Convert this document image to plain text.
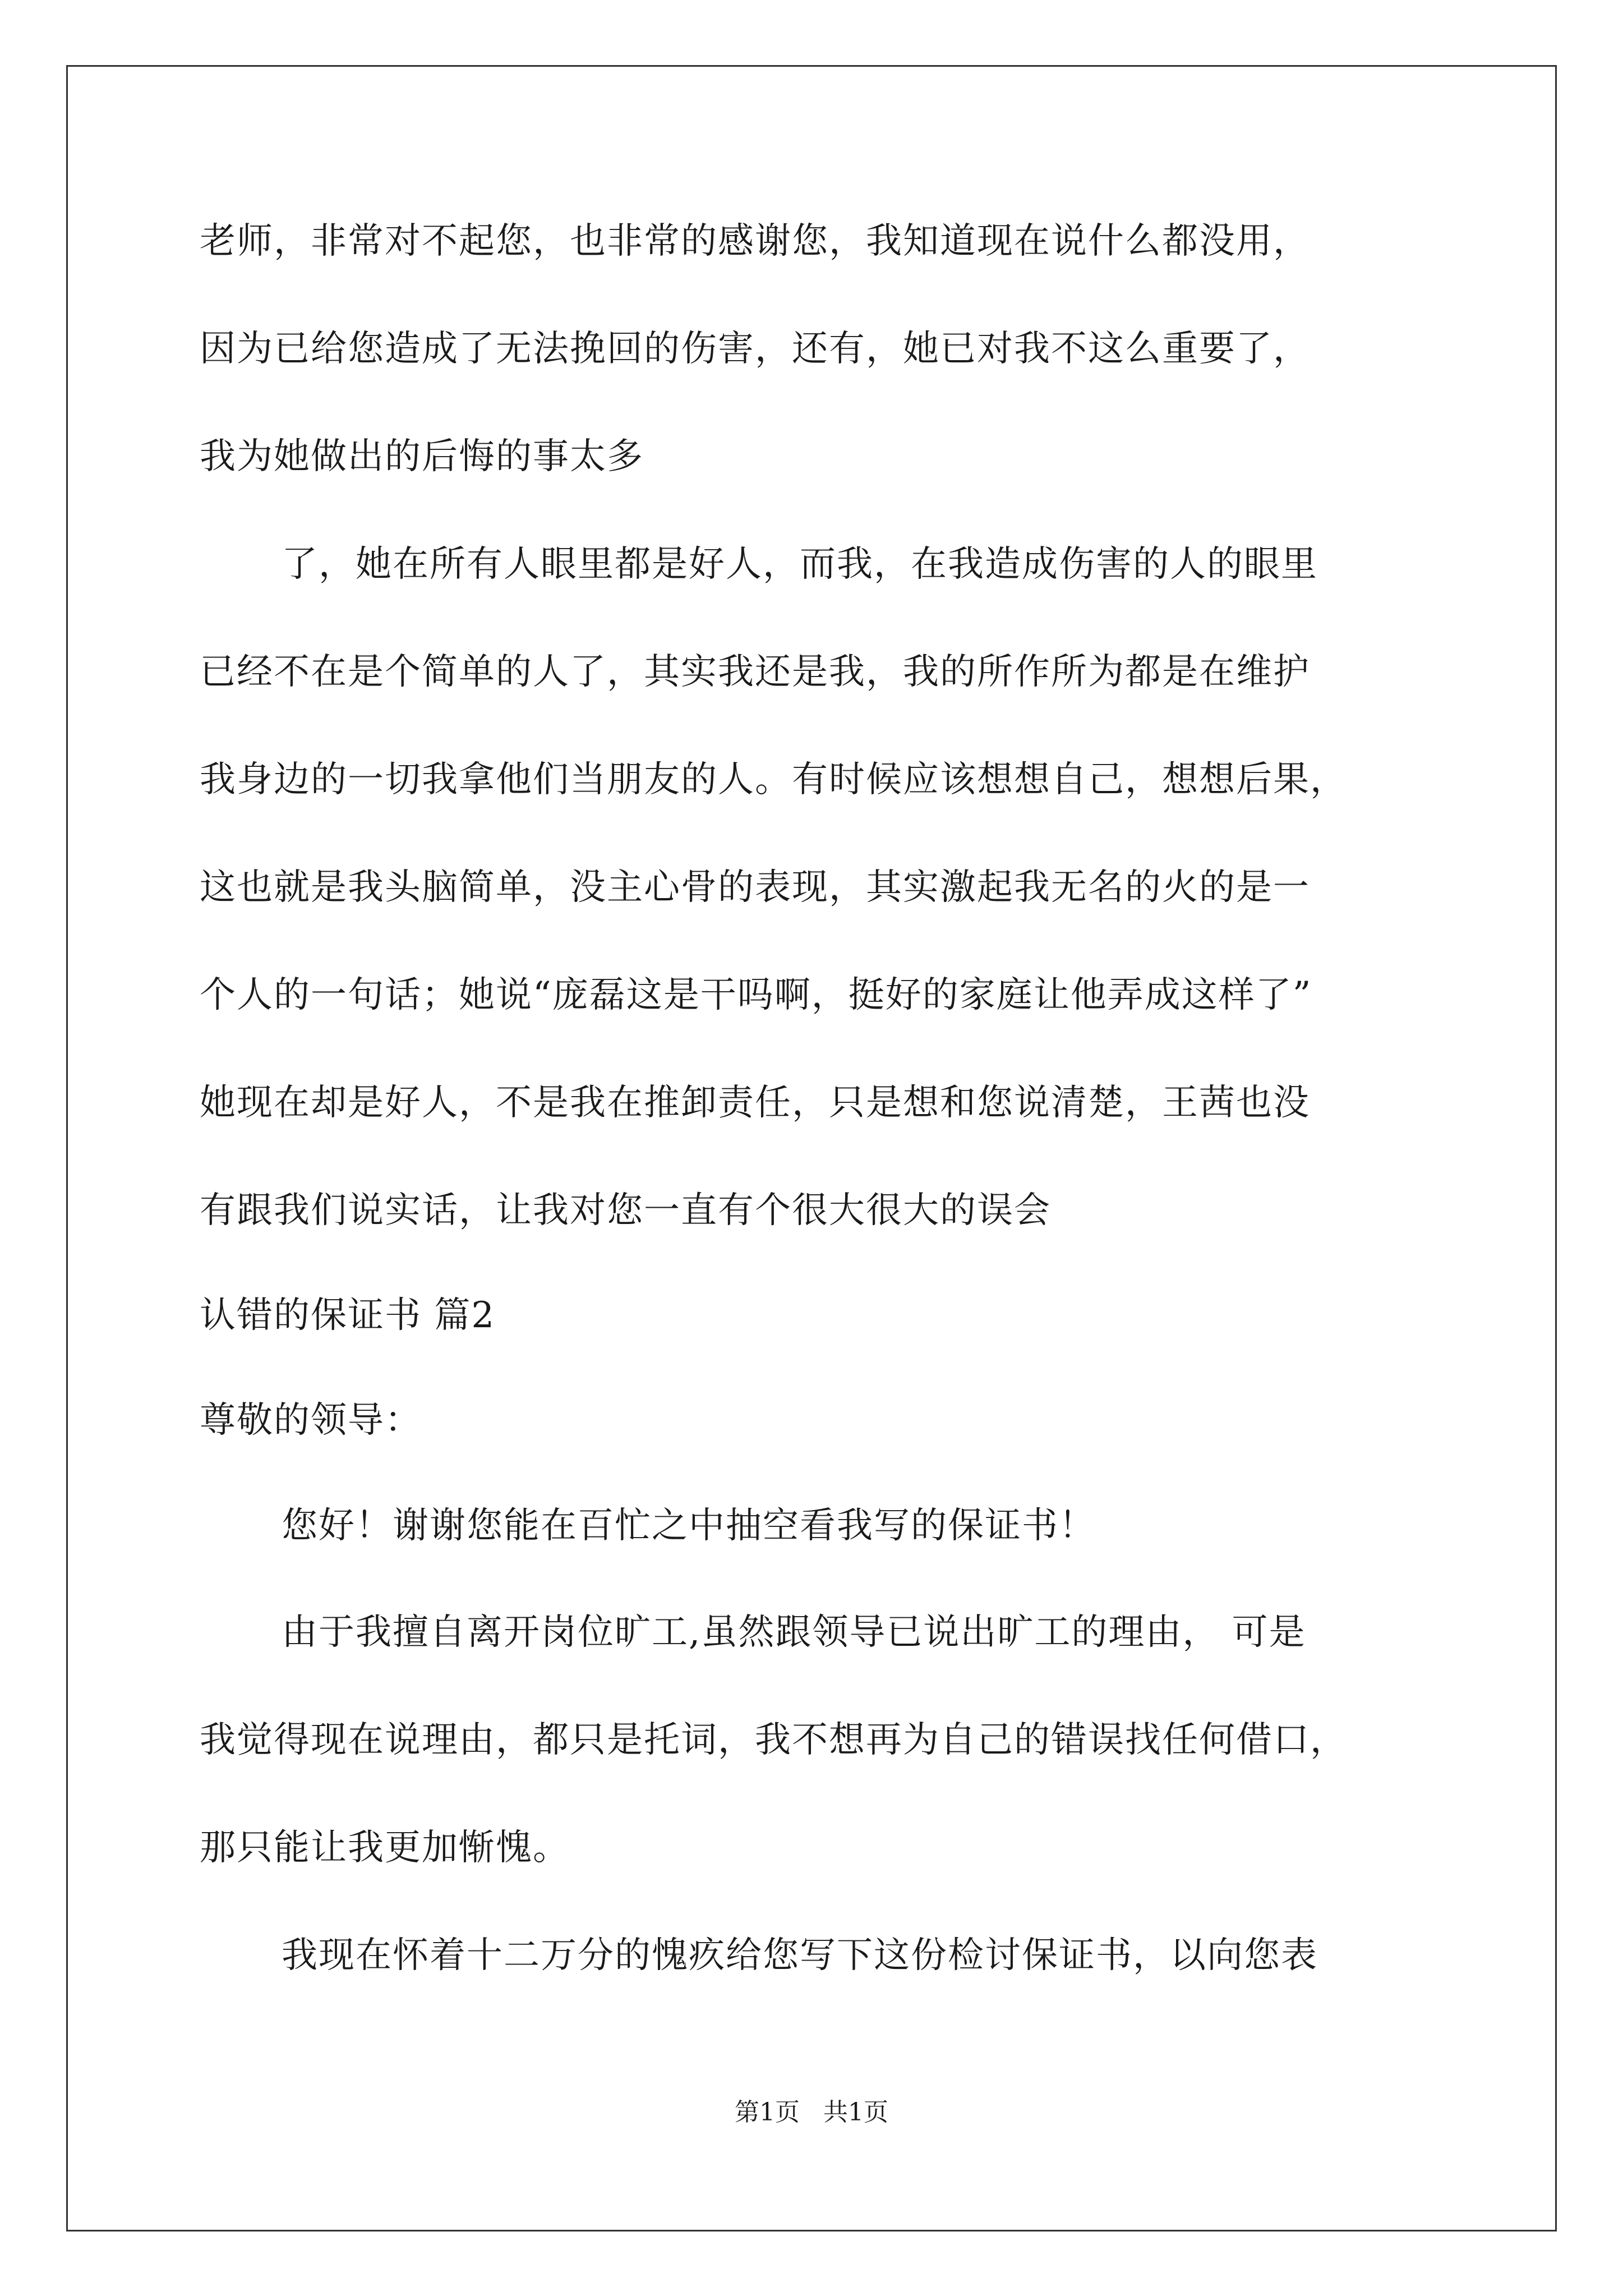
老师，非常对不起您，也非常的感谢您，我知道现在说什么都没用，
因为已给您造成了无法挽回的伤害，还有，她已对我不这么重要了，
我为她做出的后悔的事太多
了，她在所有人眼里都是好人，而我，在我造成伤害的人的眼里
已经不在是个简单的人了，其实我还是我，我的所作所为都是在维护
我身边的一切我拿他们当朋友的人。有时候应该想想自己，想想后果，
这也就是我头脑简单，没主心骨的表现，其实激起我无名的火的是一
个人的一句话；她说“庞磊这是干吗啊，挺好的家庭让他弄成这样了”
她现在却是好人，不是我在推卸责任，只是想和您说清楚，王茜也没
有跟我们说实话，让我对您一直有个很大很大的误会
认错的保证书 篇2
尊敬的领导：
您好！谢谢您能在百忙之中抽空看我写的保证书！
由于我擅自离开岗位旷工,虽然跟领导已说出旷工的理由， 可是
我觉得现在说理由，都只是托词，我不想再为自己的错误找任何借口，
那只能让我更加惭愧。
我现在怀着十二万分的愧疚给您写下这份检讨保证书，以向您表
第1页   共1页
